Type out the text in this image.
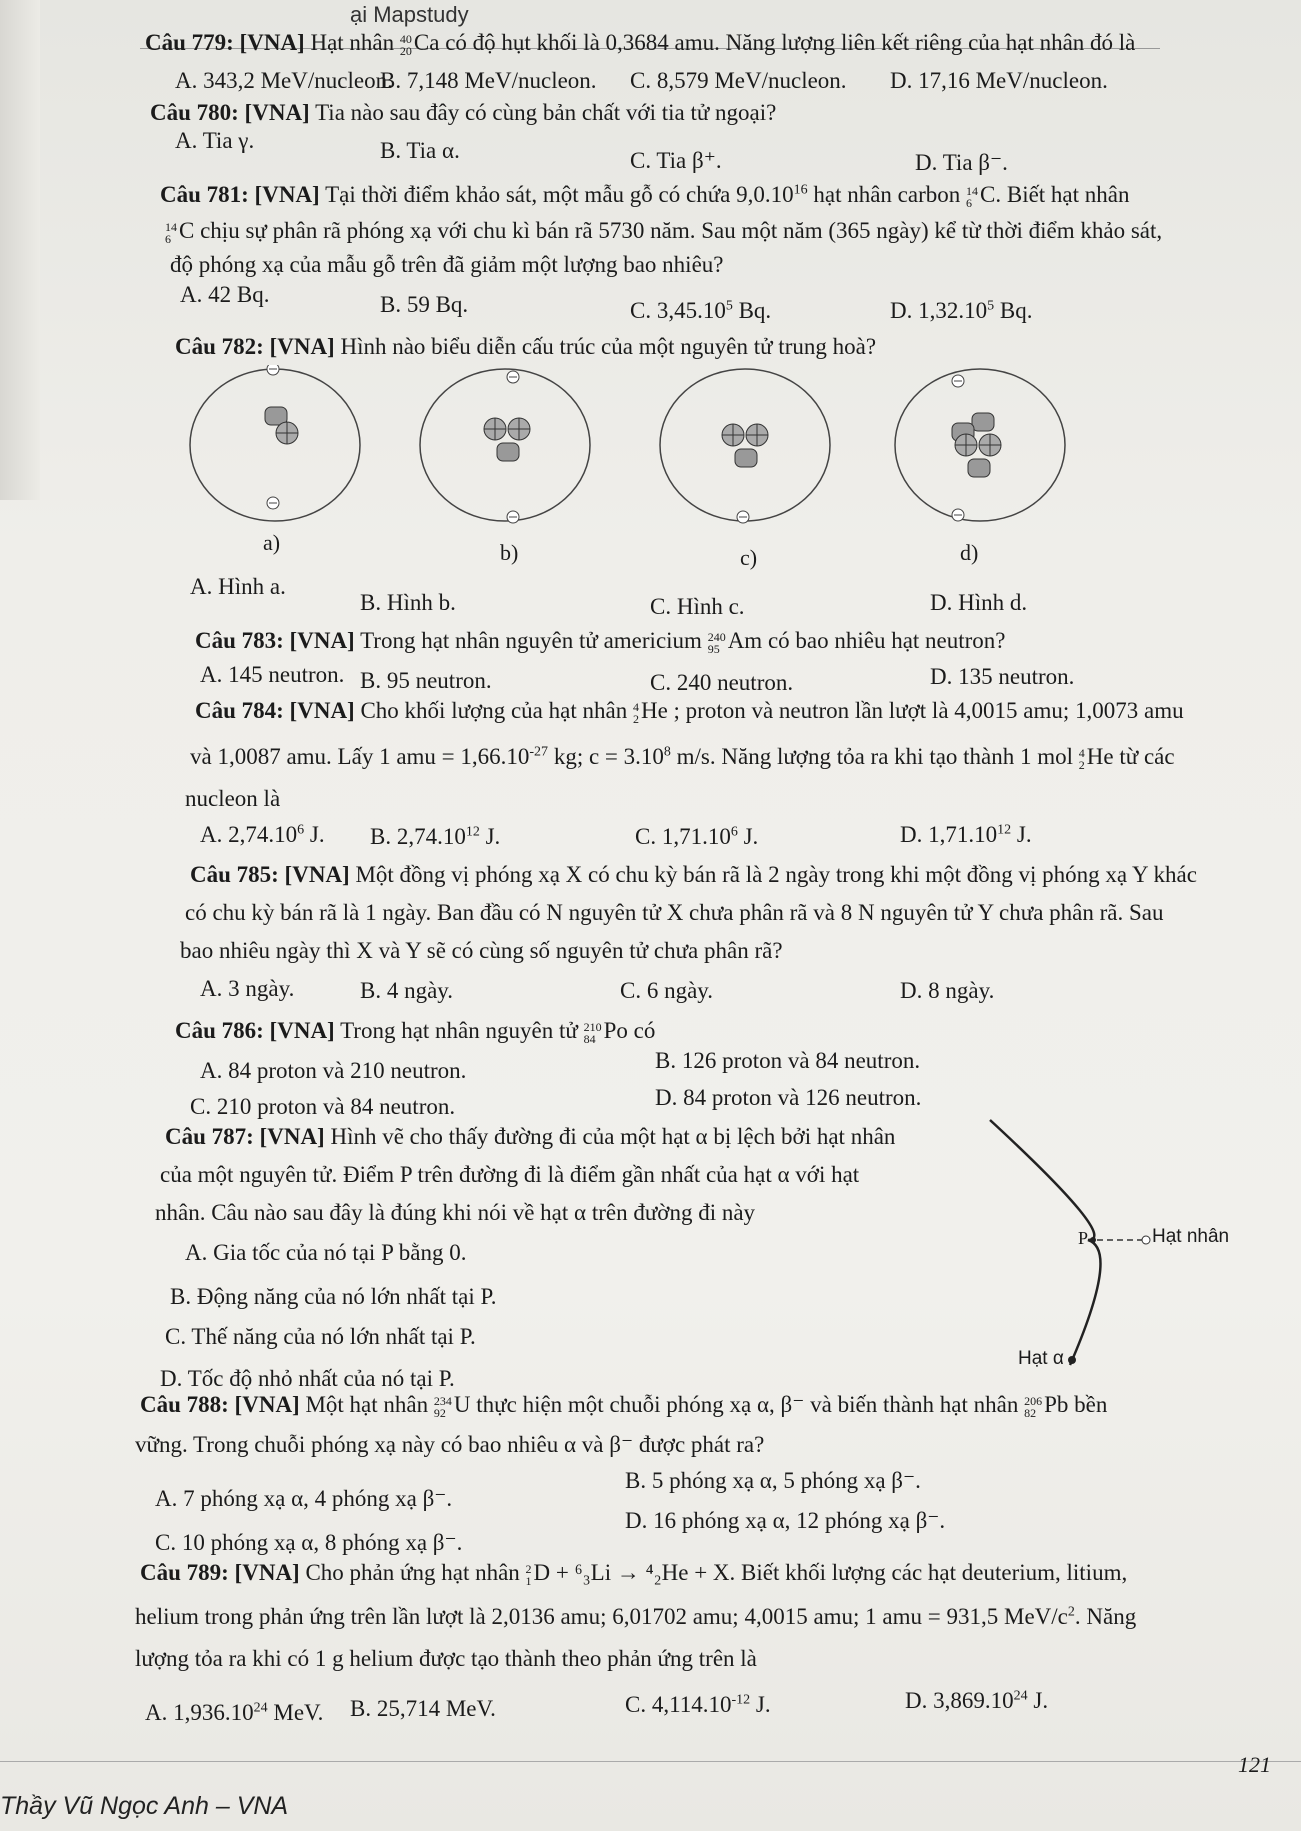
ại Mapstudy
Câu 779: [VNA] Hạt nhân 40
20 Ca có độ hụt khối là 0,3684 amu. Năng lượng liên kết riêng của hạt nhân đó là
A. 343,2 MeV/nucleon.
B. 7,148 MeV/nucleon. C. 8,579 MeV/nucleon. D. 17,16 MeV/nucleon.
Câu 780: [VNA] Tia nào sau đây có cùng bản chất với tia tử ngoại?
A. Tia γ.	B. Tia α.	C. Tia β⁺.	D. Tia β⁻.
Câu 781: [VNA] Tại thời điểm khảo sát, một mẫu gỗ có chứa 9,0.10$^{16}$ hạt nhân carbon 14
6 C. Biết hạt nhân
14
6 C chịu sự phân rã phóng xạ với chu kì bán rã 5730 năm. Sau một năm (365 ngày) kể từ thời điểm khảo sát,
độ phóng xạ của mẫu gỗ trên đã giảm một lượng bao nhiêu?
A. 42 Bq.	B. 59 Bq.	C. 3,45.10$^5$ Bq.	D. 1,32.10$^5$ Bq.
Câu 782: [VNA] Hình nào biểu diễn cấu trúc của một nguyên tử trung hoà?
a)	b)	c)	d)
A. Hình a.
B. Hình b.	C. Hình c.	D. Hình d.
Câu 783: [VNA] Trong hạt nhân nguyên tử americium 240
95 Am có bao nhiêu hạt neutron?
A. 145 neutron. B. 95 neutron.	C. 240 neutron.	D. 135 neutron.
Câu 784: [VNA] Cho khối lượng của hạt nhân 4
2 He ; proton và neutron lần lượt là 4,0015 amu; 1,0073 amu
và 1,0087 amu. Lấy 1 amu = $1,66.10^{-27}$ kg; $c = 3.10^8$ m/s. Năng lượng tỏa ra khi tạo thành 1 mol 4
2 He từ các
nucleon là
A. 2,74.10$^6$ J. B. 2,74.10$^{12}$ J.	C. 1,71.10$^6$ J.	D. 1,71.10$^{12}$ J.
Câu 785: [VNA] Một đồng vị phóng xạ X có chu kỳ bán rã là 2 ngày trong khi một đồng vị phóng xạ Y khác
có chu kỳ bán rã là 1 ngày. Ban đầu có N nguyên tử X chưa phân rã và 8 N nguyên tử Y chưa phân rã. Sau
bao nhiêu ngày thì X và Y sẽ có cùng số nguyên tử chưa phân rã?
A. 3 ngày.	B. 4 ngày.	C. 6 ngày.	D. 8 ngày.
Câu 786: [VNA] Trong hạt nhân nguyên tử 210
84 Po có
A. 84 proton và 210 neutron.	B. 126 proton và 84 neutron.
C. 210 proton và 84 neutron.	D. 84 proton và 126 neutron.
Câu 787: [VNA] Hình vẽ cho thấy đường đi của một hạt α bị lệch bởi hạt nhân
của một nguyên tử. Điểm P trên đường đi là điểm gần nhất của hạt α với hạt
nhân. Câu nào sau đây là đúng khi nói về hạt α trên đường đi này
A. Gia tốc của nó tại P bằng 0.
B. Động năng của nó lớn nhất tại P.
C. Thế năng của nó lớn nhất tại P.
D. Tốc độ nhỏ nhất của nó tại P.
P	Hạt nhân
Hạt α
Câu 788: [VNA] Một hạt nhân 234
92 U thực hiện một chuỗi phóng xạ α, β⁻ và biến thành hạt nhân 206
82 Pb bền
vững. Trong chuỗi phóng xạ này có bao nhiêu α và β⁻ được phát ra?
A. 7 phóng xạ α, 4 phóng xạ β⁻.
B. 5 phóng xạ α, 5 phóng xạ β⁻.
C. 10 phóng xạ α, 8 phóng xạ β⁻.
D. 16 phóng xạ α, 12 phóng xạ β⁻.
Câu 789: [VNA] Cho phản ứng hạt nhân 2
1 D + ⁶₃Li → ⁴₂He + X. Biết khối lượng các hạt deuterium, litium,
helium trong phản ứng trên lần lượt là 2,0136 amu; 6,01702 amu; 4,0015 amu; 1 amu = 931,5 MeV/$c^2$. Năng
lượng tỏa ra khi có 1 g helium được tạo thành theo phản ứng trên là
A. 1,936.10$^{24}$ MeV. B. 25,714 MeV.	C. $4,114.10^{-12}$ J.	D. 3,869.10$^{24}$ J.
121
Thầy Vũ Ngọc Anh – VNA
